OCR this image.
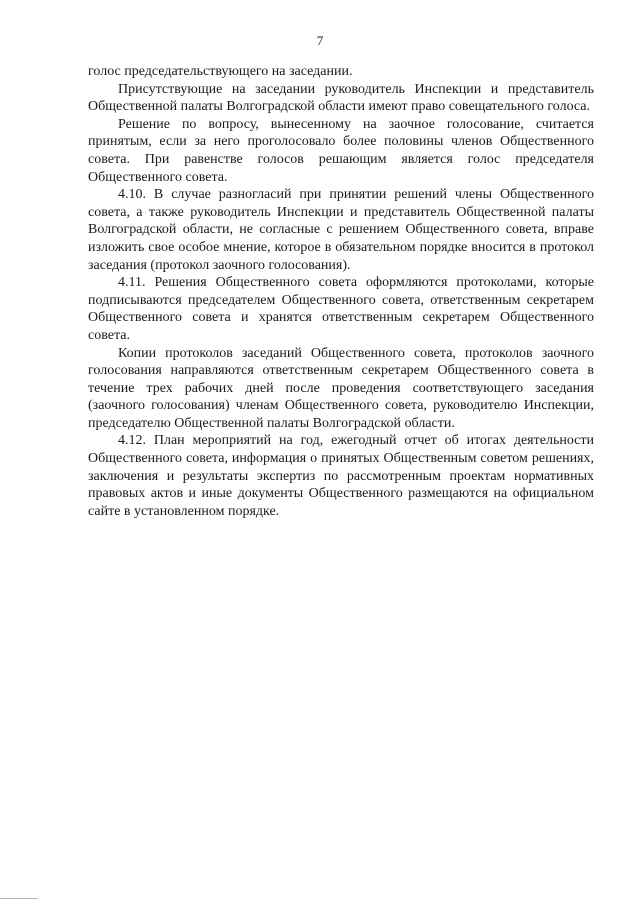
7

голос председательствующего на заседании.

Присутствующие на заседании руководитель Инспекции и представитель Общественной палаты Волгоградской области имеют право совещательного голоса.

Решение по вопросу, вынесенному на заочное голосование, считается принятым, если за него проголосовало более половины членов Общественного совета. При равенстве голосов решающим является голос председателя Общественного совета.

4.10. В случае разногласий при принятии решений члены Общественного совета, а также руководитель Инспекции и представитель Общественной палаты Волгоградской области, не согласные с решением Общественного совета, вправе изложить свое особое мнение, которое в обязательном порядке вносится в протокол заседания (протокол заочного голосования).

4.11. Решения Общественного совета оформляются протоколами, которые подписываются председателем Общественного совета, ответственным секретарем Общественного совета и хранятся ответственным секретарем Общественного совета.

Копии протоколов заседаний Общественного совета, протоколов заочного голосования направляются ответственным секретарем Общественного совета в течение трех рабочих дней после проведения соответствующего заседания (заочного голосования) членам Общественного совета, руководителю Инспекции, председателю Общественной палаты Волгоградской области.

4.12. План мероприятий на год, ежегодный отчет об итогах деятельности Общественного совета, информация о принятых Общественным советом решениях, заключения и результаты экспертиз по рассмотренным проектам нормативных правовых актов и иные документы Общественного размещаются на официальном сайте в установленном порядке.
